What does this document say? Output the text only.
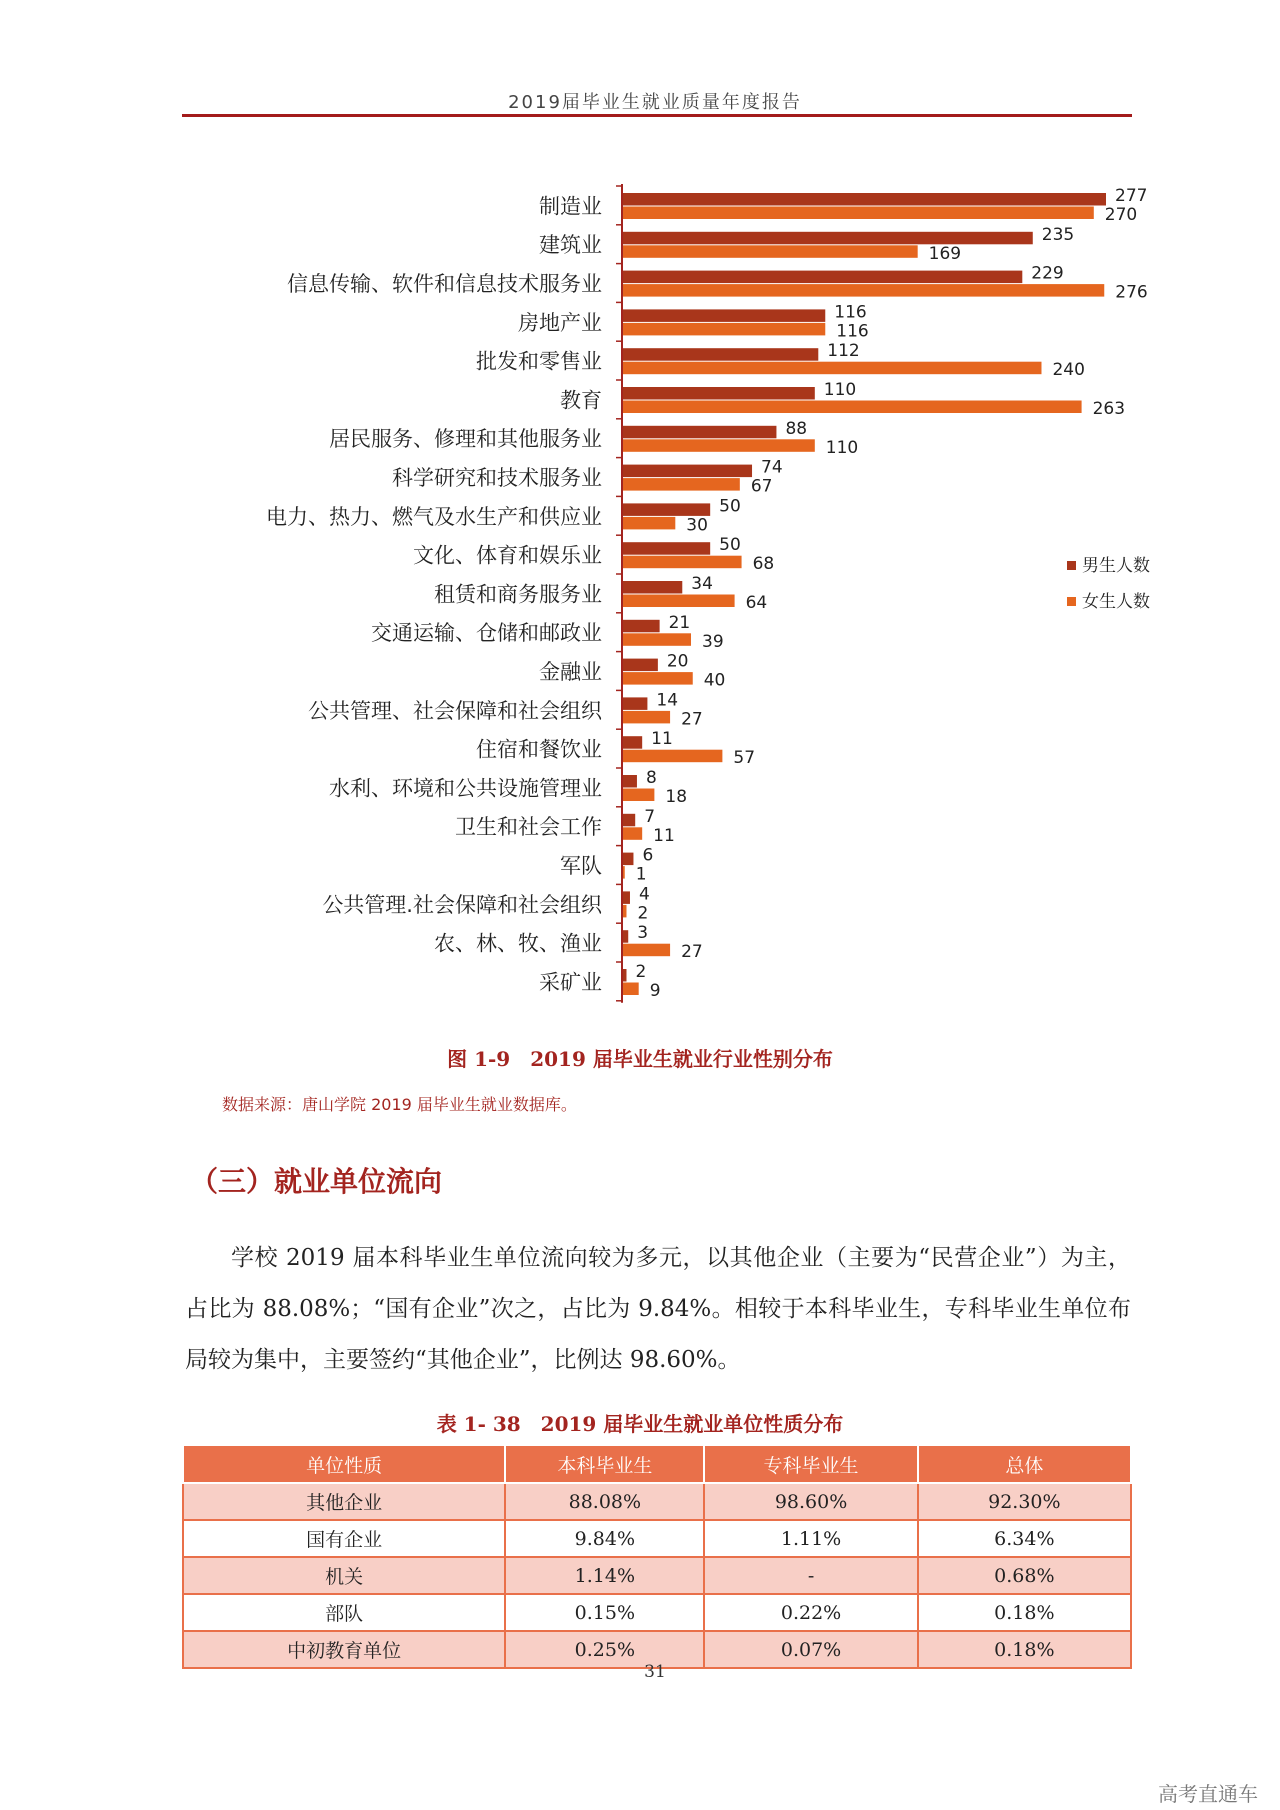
2019届毕业生就业质量年度报告
制造业	277
270
建筑业	235
169
信息传输、软件和信息技术服务业	229
276
房地产业	116
116
批发和零售业	112
240
教育	110
263
居民服务、修理和其他服务业	88
110
科学研究和技术服务业	74
67
电力、热力、燃气及水生产和供应业	50
30
文化、体育和娱乐业	50
68
租赁和商务服务业	34
64
交通运输、仓储和邮政业	21
39
金融业	20
40
公共管理、社会保障和社会组织	14
27
住宿和餐饮业	11
57
水利、环境和公共设施管理业	8
18
卫生和社会工作 7
11
军队 6
1
公共管理.社会保障和社会组织 4
2
农、林、牧、渔业 3
27
采矿业 2
9
男生人数
女生人数
图 1-9　2019 届毕业生就业行业性别分布
数据来源：唐山学院 2019 届毕业生就业数据库。
（三）就业单位流向
学校 2019 届本科毕业生单位流向较为多元，以其他企业（主要为“民营企业”）为主，占比为 88.08%；“国有企业”次之，占比为 9.84%。相较于本科毕业生，专科毕业生单位布局较为集中，主要签约“其他企业”，比例达 98.60%。
表 1- 38　2019 届毕业生就业单位性质分布
单位性质	本科毕业生	专科毕业生	总体
其他企业	88.08%	98.60%	92.30%
国有企业	9.84%	1.11%	6.34%
机关	1.14%	-	0.68%
部队	0.15%	0.22%	0.18%
中初教育单位	0.25%	0.07%	0.18%
31
高考直通车
